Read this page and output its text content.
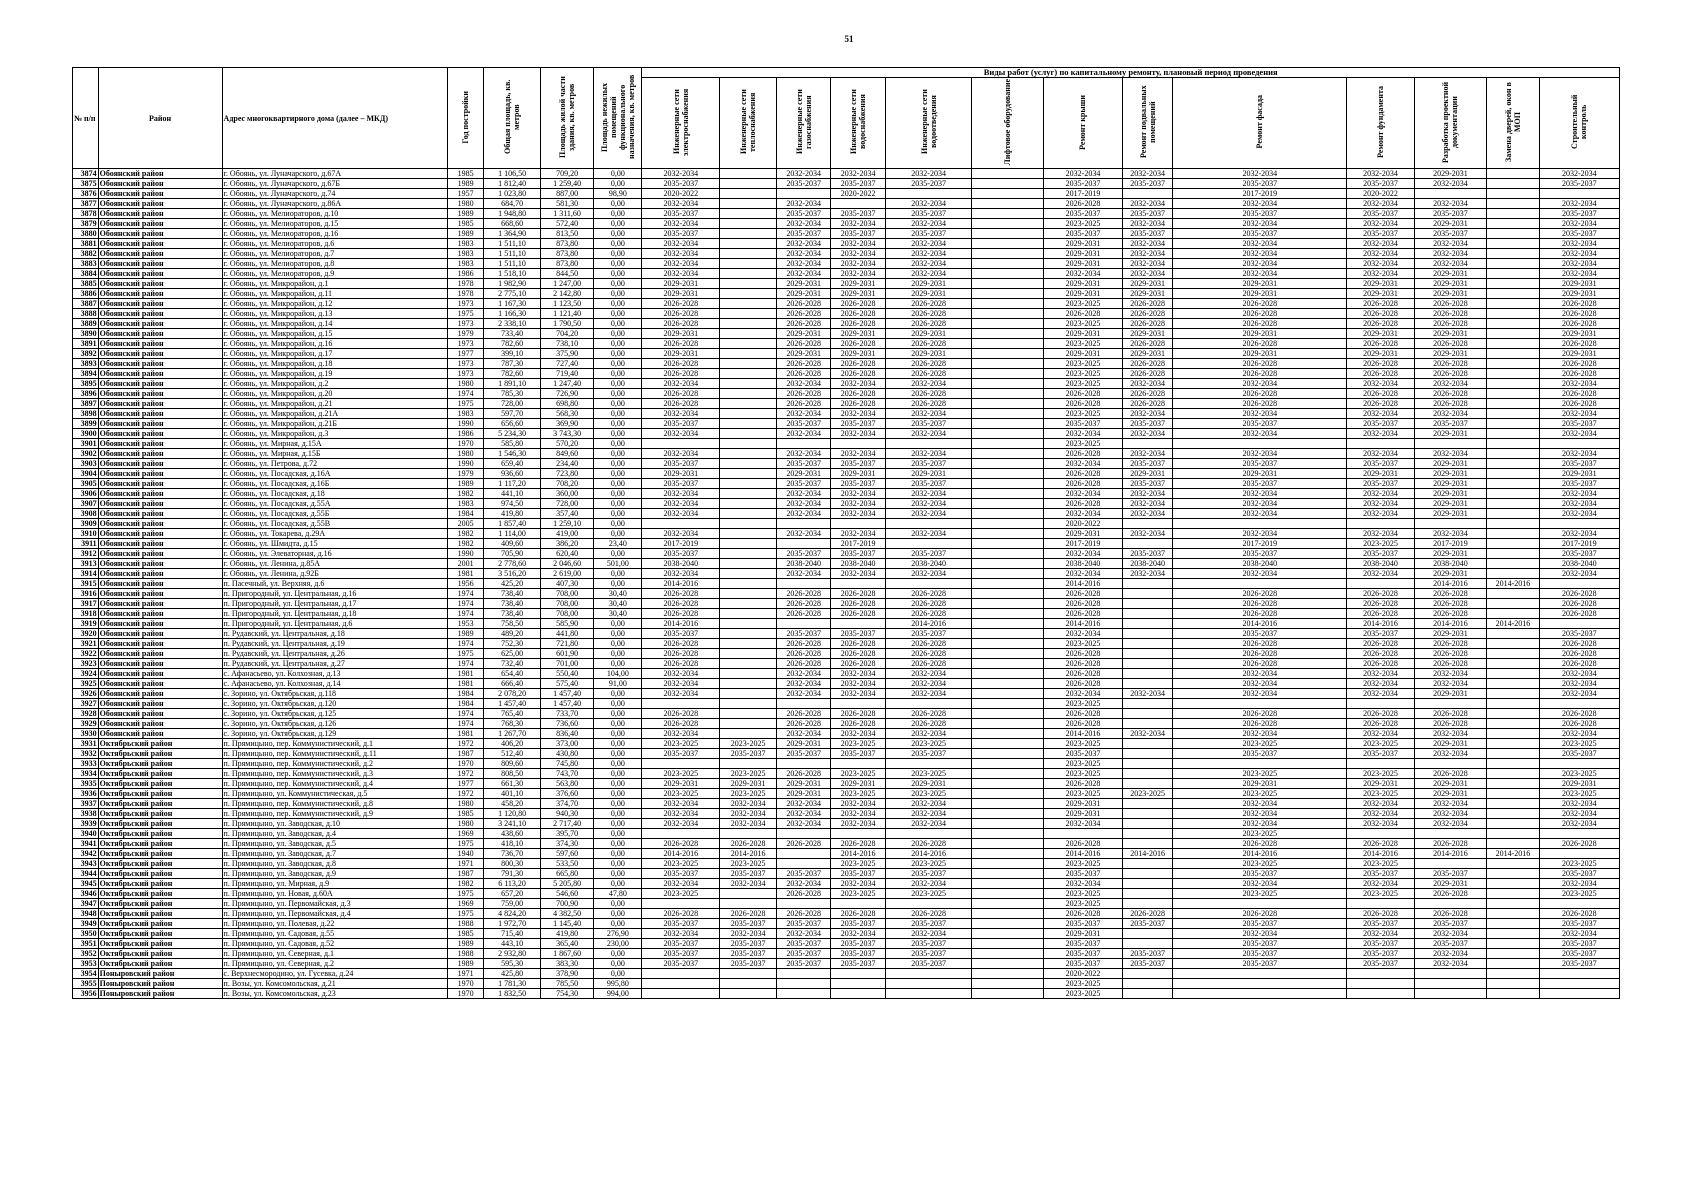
51
№ п/п	Район	Адрес многоквартирного дома (далее – МКД)	Год постройки	Общая площадь, кв. метров	Площадь жилой части здания, кв. метров	Площадь нежилых помещений функционального назначения, кв. метров	Виды работ (услуг) по капитальному ремонту, плановый период проведения												
							Инженерные сети электроснабжения	Инженерные сети теплоснабжения	Инженерные сети газоснабжения	Инженерные сети водоснабжения	Инженерные сети водоотведения	Лифтовое оборудование	Ремонт крыши	Ремонт подвальных помещений	Ремонт фасада	Ремонт фундамента	Разработка проектной документации	Замена дверей, окон в МОП	Строительный контроль
3874	Обоянский район	г. Обоянь, ул. Луначарского, д.67А	1985	1 106,50	709,20	0,00	2032-2034		2032-2034	2032-2034	2032-2034		2032-2034	2032-2034	2032-2034	2032-2034	2029-2031		2032-2034
3875	Обоянский район	г. Обоянь, ул. Луначарского, д.67Б	1989	1 812,40	1 259,40	0,00	2035-2037		2035-2037	2035-2037	2035-2037		2035-2037	2035-2037	2035-2037	2035-2037	2032-2034		2035-2037
3876	Обоянский район	г. Обоянь, ул. Луначарского, д.74	1957	1 023,80	887,00	98,90	2020-2022			2020-2022			2017-2019		2017-2019	2020-2022			
3877	Обоянский район	г. Обоянь, ул. Луначарского, д.86А	1980	684,70	581,30	0,00	2032-2034		2032-2034		2032-2034		2026-2028	2032-2034	2032-2034	2032-2034	2032-2034		2032-2034
3878	Обоянский район	г. Обоянь, ул. Мелиораторов, д.10	1989	1 948,80	1 311,60	0,00	2035-2037		2035-2037	2035-2037	2035-2037		2035-2037	2035-2037	2035-2037	2035-2037	2035-2037		2035-2037
3879	Обоянский район	г. Обоянь, ул. Мелиораторов, д.15	1985	668,60	572,40	0,00	2032-2034		2032-2034	2032-2034	2032-2034		2023-2025	2032-2034	2032-2034	2032-2034	2029-2031		2032-2034
3880	Обоянский район	г. Обоянь, ул. Мелиораторов, д.16	1989	1 364,90	813,50	0,00	2035-2037		2035-2037	2035-2037	2035-2037		2035-2037	2035-2037	2035-2037	2035-2037	2035-2037		2035-2037
3881	Обоянский район	г. Обоянь, ул. Мелиораторов, д.6	1983	1 511,10	873,80	0,00	2032-2034		2032-2034	2032-2034	2032-2034		2029-2031	2032-2034	2032-2034	2032-2034	2032-2034		2032-2034
3882	Обоянский район	г. Обоянь, ул. Мелиораторов, д.7	1983	1 511,10	873,80	0,00	2032-2034		2032-2034	2032-2034	2032-2034		2029-2031	2032-2034	2032-2034	2032-2034	2032-2034		2032-2034
3883	Обоянский район	г. Обоянь, ул. Мелиораторов, д.8	1983	1 511,10	873,80	0,00	2032-2034		2032-2034	2032-2034	2032-2034		2029-2031	2032-2034	2032-2034	2032-2034	2032-2034		2032-2034
3884	Обоянский район	г. Обоянь, ул. Мелиораторов, д.9	1986	1 518,10	844,50	0,00	2032-2034		2032-2034	2032-2034	2032-2034		2032-2034	2032-2034	2032-2034	2032-2034	2029-2031		2032-2034
3885	Обоянский район	г. Обоянь, ул. Микрорайон, д.1	1978	1 982,90	1 247,00	0,00	2029-2031		2029-2031	2029-2031	2029-2031		2029-2031	2029-2031	2029-2031	2029-2031	2029-2031		2029-2031
3886	Обоянский район	г. Обоянь, ул. Микрорайон, д.11	1978	2 775,10	2 142,80	0,00	2029-2031		2029-2031	2029-2031	2029-2031		2029-2031	2029-2031	2029-2031	2029-2031	2029-2031		2029-2031
3887	Обоянский район	г. Обоянь, ул. Микрорайон, д.12	1973	1 167,30	1 123,50	0,00	2026-2028		2026-2028	2026-2028	2026-2028		2023-2025	2026-2028	2026-2028	2026-2028	2026-2028		2026-2028
3888	Обоянский район	г. Обоянь, ул. Микрорайон, д.13	1975	1 166,30	1 121,40	0,00	2026-2028		2026-2028	2026-2028	2026-2028		2026-2028	2026-2028	2026-2028	2026-2028	2026-2028		2026-2028
3889	Обоянский район	г. Обоянь, ул. Микрорайон, д.14	1973	2 338,10	1 790,50	0,00	2026-2028		2026-2028	2026-2028	2026-2028		2023-2025	2026-2028	2026-2028	2026-2028	2026-2028		2026-2028
3890	Обоянский район	г. Обоянь, ул. Микрорайон, д.15	1979	733,40	704,20	0,00	2029-2031		2029-2031	2029-2031	2029-2031		2029-2031	2029-2031	2029-2031	2029-2031	2029-2031		2029-2031
3891	Обоянский район	г. Обоянь, ул. Микрорайон, д.16	1973	782,60	738,10	0,00	2026-2028		2026-2028	2026-2028	2026-2028		2023-2025	2026-2028	2026-2028	2026-2028	2026-2028		2026-2028
3892	Обоянский район	г. Обоянь, ул. Микрорайон, д.17	1977	399,10	375,90	0,00	2029-2031		2029-2031	2029-2031	2029-2031		2029-2031	2029-2031	2029-2031	2029-2031	2029-2031		2029-2031
3893	Обоянский район	г. Обоянь, ул. Микрорайон, д.18	1973	787,30	727,40	0,00	2026-2028		2026-2028	2026-2028	2026-2028		2023-2025	2026-2028	2026-2028	2026-2028	2026-2028		2026-2028
3894	Обоянский район	г. Обоянь, ул. Микрорайон, д.19	1973	782,60	719,40	0,00	2026-2028		2026-2028	2026-2028	2026-2028		2023-2025	2026-2028	2026-2028	2026-2028	2026-2028		2026-2028
3895	Обоянский район	г. Обоянь, ул. Микрорайон, д.2	1980	1 891,10	1 247,40	0,00	2032-2034		2032-2034	2032-2034	2032-2034		2023-2025	2032-2034	2032-2034	2032-2034	2032-2034		2032-2034
3896	Обоянский район	г. Обоянь, ул. Микрорайон, д.20	1974	785,30	726,90	0,00	2026-2028		2026-2028	2026-2028	2026-2028		2026-2028	2026-2028	2026-2028	2026-2028	2026-2028		2026-2028
3897	Обоянский район	г. Обоянь, ул. Микрорайон, д.21	1975	728,00	698,80	0,00	2026-2028		2026-2028	2026-2028	2026-2028		2026-2028	2026-2028	2026-2028	2026-2028	2026-2028		2026-2028
3898	Обоянский район	г. Обоянь, ул. Микрорайон, д.21А	1983	597,70	568,30	0,00	2032-2034		2032-2034	2032-2034	2032-2034		2023-2025	2032-2034	2032-2034	2032-2034	2032-2034		2032-2034
3899	Обоянский район	г. Обоянь, ул. Микрорайон, д.21Б	1990	656,60	369,90	0,00	2035-2037		2035-2037	2035-2037	2035-2037		2035-2037	2035-2037	2035-2037	2035-2037	2035-2037		2035-2037
3900	Обоянский район	г. Обоянь, ул. Микрорайон, д.3	1986	5 234,30	3 743,30	0,00	2032-2034		2032-2034	2032-2034	2032-2034		2032-2034	2032-2034	2032-2034	2032-2034	2029-2031		2032-2034
3901	Обоянский район	г. Обоянь, ул. Мирная, д.15А	1970	585,80	570,20	0,00							2023-2025						
3902	Обоянский район	г. Обоянь, ул. Мирная, д.15Б	1980	1 546,30	849,60	0,00	2032-2034		2032-2034	2032-2034	2032-2034		2026-2028	2032-2034	2032-2034	2032-2034	2032-2034		2032-2034
3903	Обоянский район	г. Обоянь, ул. Петрова, д.72	1990	659,40	234,40	0,00	2035-2037		2035-2037	2035-2037	2035-2037		2032-2034	2035-2037	2035-2037	2035-2037	2029-2031		2035-2037
3904	Обоянский район	г. Обоянь, ул. Посадская, д.16А	1979	936,60	723,80	0,00	2029-2031		2029-2031	2029-2031	2029-2031		2026-2028	2029-2031	2029-2031	2029-2031	2029-2031		2029-2031
3905	Обоянский район	г. Обоянь, ул. Посадская, д.16Б	1989	1 117,20	708,20	0,00	2035-2037		2035-2037	2035-2037	2035-2037		2026-2028	2035-2037	2035-2037	2035-2037	2029-2031		2035-2037
3906	Обоянский район	г. Обоянь, ул. Посадская, д.18	1982	441,10	360,00	0,00	2032-2034		2032-2034	2032-2034	2032-2034		2032-2034	2032-2034	2032-2034	2032-2034	2029-2031		2032-2034
3907	Обоянский район	г. Обоянь, ул. Посадская, д.55А	1983	974,50	728,00	0,00	2032-2034		2032-2034	2032-2034	2032-2034		2026-2028	2032-2034	2032-2034	2032-2034	2029-2031		2032-2034
3908	Обоянский район	г. Обоянь, ул. Посадская, д.55Б	1984	419,80	357,40	0,00	2032-2034		2032-2034	2032-2034	2032-2034		2032-2034	2032-2034	2032-2034	2032-2034	2029-2031		2032-2034
3909	Обоянский район	г. Обоянь, ул. Посадская, д.55В	2005	1 857,40	1 259,10	0,00							2020-2022						
3910	Обоянский район	г. Обоянь, ул. Токарева, д.29А	1982	1 114,00	419,00	0,00	2032-2034		2032-2034	2032-2034	2032-2034		2029-2031	2032-2034	2032-2034	2032-2034	2032-2034		2032-2034
3911	Обоянский район	г. Обоянь, ул. Шмидта, д.15	1982	409,60	386,20	23,40	2017-2019			2017-2019			2017-2019		2017-2019	2023-2025	2017-2019		2017-2019
3912	Обоянский район	г. Обоянь, ул. Элеваторная, д.16	1990	705,90	620,40	0,00	2035-2037		2035-2037	2035-2037	2035-2037		2032-2034	2035-2037	2035-2037	2035-2037	2029-2031		2035-2037
3913	Обоянский район	г. Обоянь, ул. Ленина, д.85А	2001	2 778,60	2 046,60	501,00	2038-2040		2038-2040	2038-2040	2038-2040		2038-2040	2038-2040	2038-2040	2038-2040	2038-2040		2038-2040
3914	Обоянский район	г. Обоянь, ул. Ленина, д.92Б	1981	3 516,20	2 619,00	0,00	2032-2034		2032-2034	2032-2034	2032-2034		2032-2034	2032-2034	2032-2034	2032-2034	2029-2031		2032-2034
3915	Обоянский район	п. Пасечный, ул. Верхняя, д.6	1956	425,20	407,30	0,00	2014-2016						2014-2016				2014-2016	2014-2016	
3916	Обоянский район	п. Пригородный, ул. Центральная, д.16	1974	738,40	708,00	30,40	2026-2028		2026-2028	2026-2028	2026-2028		2026-2028		2026-2028	2026-2028	2026-2028		2026-2028
3917	Обоянский район	п. Пригородный, ул. Центральная, д.17	1974	738,40	708,00	30,40	2026-2028		2026-2028	2026-2028	2026-2028		2026-2028		2026-2028	2026-2028	2026-2028		2026-2028
3918	Обоянский район	п. Пригородный, ул. Центральная, д.18	1974	738,40	708,00	30,40	2026-2028		2026-2028	2026-2028	2026-2028		2026-2028		2026-2028	2026-2028	2026-2028		2026-2028
3919	Обоянский район	п. Пригородный, ул. Центральная, д.6	1953	758,50	585,90	0,00	2014-2016				2014-2016		2014-2016		2014-2016	2014-2016	2014-2016	2014-2016	
3920	Обоянский район	п. Рудавский, ул. Центральная, д.18	1989	489,20	441,80	0,00	2035-2037		2035-2037	2035-2037	2035-2037		2032-2034		2035-2037	2035-2037	2029-2031		2035-2037
3921	Обоянский район	п. Рудавский, ул. Центральная, д.19	1974	752,30	721,80	0,00	2026-2028		2026-2028	2026-2028	2026-2028		2023-2025		2026-2028	2026-2028	2026-2028		2026-2028
3922	Обоянский район	п. Рудавский, ул. Центральная, д.26	1975	625,00	601,90	0,00	2026-2028		2026-2028	2026-2028	2026-2028		2026-2028		2026-2028	2026-2028	2026-2028		2026-2028
3923	Обоянский район	п. Рудавский, ул. Центральная, д.27	1974	732,40	701,00	0,00	2026-2028		2026-2028	2026-2028	2026-2028		2026-2028		2026-2028	2026-2028	2026-2028		2026-2028
3924	Обоянский район	с. Афанасьево, ул. Колхозная, д.13	1981	654,40	550,40	104,00	2032-2034		2032-2034	2032-2034	2032-2034		2026-2028		2032-2034	2032-2034	2032-2034		2032-2034
3925	Обоянский район	с. Афанасьево, ул. Колхозная, д.14	1981	666,40	575,40	91,00	2032-2034		2032-2034	2032-2034	2032-2034		2026-2028		2032-2034	2032-2034	2032-2034		2032-2034
3926	Обоянский район	с. Зорино, ул. Октябрьская, д.118	1984	2 078,20	1 457,40	0,00	2032-2034		2032-2034	2032-2034	2032-2034		2032-2034	2032-2034	2032-2034	2032-2034	2029-2031		2032-2034
3927	Обоянский район	с. Зорино, ул. Октябрьская, д.120	1984	1 457,40	1 457,40	0,00							2023-2025						
3928	Обоянский район	с. Зорино, ул. Октябрьская, д.125	1974	765,40	733,70	0,00	2026-2028		2026-2028	2026-2028	2026-2028		2026-2028		2026-2028	2026-2028	2026-2028		2026-2028
3929	Обоянский район	с. Зорино, ул. Октябрьская, д.126	1974	768,30	736,60	0,00	2026-2028		2026-2028	2026-2028	2026-2028		2026-2028		2026-2028	2026-2028	2026-2028		2026-2028
3930	Обоянский район	с. Зорино, ул. Октябрьская, д.129	1981	1 267,70	836,40	0,00	2032-2034		2032-2034	2032-2034	2032-2034		2014-2016	2032-2034	2032-2034	2032-2034	2032-2034		2032-2034
3931	Октябрьский район	п. Прямицыно, пер. Коммунистический, д.1	1972	406,20	373,00	0,00	2023-2025	2023-2025	2029-2031	2023-2025	2023-2025		2023-2025		2023-2025	2023-2025	2029-2031		2023-2025
3932	Октябрьский район	п. Прямицыно, пер. Коммунистический, д.11	1987	512,40	430,80	0,00	2035-2037	2035-2037	2035-2037	2035-2037	2035-2037		2035-2037		2035-2037	2035-2037	2032-2034		2035-2037
3933	Октябрьский район	п. Прямицыно, пер. Коммунистический, д.2	1970	809,60	745,80	0,00							2023-2025						
3934	Октябрьский район	п. Прямицыно, пер. Коммунистический, д.3	1972	808,50	743,70	0,00	2023-2025	2023-2025	2026-2028	2023-2025	2023-2025		2023-2025		2023-2025	2023-2025	2026-2028		2023-2025
3935	Октябрьский район	п. Прямицыно, пер. Коммунистический, д.4	1977	661,30	563,80	0,00	2029-2031	2029-2031	2029-2031	2029-2031	2029-2031		2026-2028		2029-2031	2029-2031	2029-2031		2029-2031
3936	Октябрьский район	п. Прямицыно, ул. Коммунистическая, д.5	1972	401,10	376,60	0,00	2023-2025	2023-2025	2029-2031	2023-2025	2023-2025		2023-2025	2023-2025	2023-2025	2023-2025	2029-2031		2023-2025
3937	Октябрьский район	п. Прямицыно, пер. Коммунистический, д.8	1980	458,20	374,70	0,00	2032-2034	2032-2034	2032-2034	2032-2034	2032-2034		2029-2031		2032-2034	2032-2034	2032-2034		2032-2034
3938	Октябрьский район	п. Прямицыно, пер. Коммунистический, д.9	1985	1 120,80	940,30	0,00	2032-2034	2032-2034	2032-2034	2032-2034	2032-2034		2029-2031		2032-2034	2032-2034	2032-2034		2032-2034
3939	Октябрьский район	п. Прямицыно, ул. Заводская, д.10	1980	3 241,10	2 717,40	0,00	2032-2034	2032-2034	2032-2034	2032-2034	2032-2034		2032-2034		2032-2034	2032-2034	2032-2034		2032-2034
3940	Октябрьский район	п. Прямицыно, ул. Заводская, д.4	1969	438,60	395,70	0,00									2023-2025				
3941	Октябрьский район	п. Прямицыно, ул. Заводская, д.5	1975	418,10	374,30	0,00	2026-2028	2026-2028	2026-2028	2026-2028	2026-2028		2026-2028		2026-2028	2026-2028	2026-2028		2026-2028
3942	Октябрьский район	п. Прямицыно, ул. Заводская, д.7	1940	736,70	597,60	0,00	2014-2016	2014-2016		2014-2016	2014-2016		2014-2016	2014-2016	2014-2016	2014-2016	2014-2016	2014-2016	
3943	Октябрьский район	п. Прямицыно, ул. Заводская, д.8	1971	800,30	533,50	0,00	2023-2025	2023-2025		2023-2025	2023-2025		2023-2025		2023-2025	2023-2025			2023-2025
3944	Октябрьский район	п. Прямицыно, ул. Заводская, д.9	1987	791,30	665,80	0,00	2035-2037	2035-2037	2035-2037	2035-2037	2035-2037		2035-2037		2035-2037	2035-2037	2035-2037		2035-2037
3945	Октябрьский район	п. Прямицыно, ул. Мирная, д.9	1982	6 113,20	5 205,80	0,00	2032-2034	2032-2034	2032-2034	2032-2034	2032-2034		2032-2034		2032-2034	2032-2034	2029-2031		2032-2034
3946	Октябрьский район	п. Прямицыно, ул. Новая, д.60А	1975	657,20	546,60	47,80	2023-2025		2026-2028	2023-2025	2023-2025		2023-2025		2023-2025	2023-2025	2026-2028		2023-2025
3947	Октябрьский район	п. Прямицыно, ул. Первомайская, д.3	1969	759,00	700,90	0,00							2023-2025						
3948	Октябрьский район	п. Прямицыно, ул. Первомайская, д.4	1975	4 824,20	4 382,50	0,00	2026-2028	2026-2028	2026-2028	2026-2028	2026-2028		2026-2028	2026-2028	2026-2028	2026-2028	2026-2028		2026-2028
3949	Октябрьский район	п. Прямицыно, ул. Полевая, д.22	1988	1 972,70	1 145,40	0,00	2035-2037	2035-2037	2035-2037	2035-2037	2035-2037		2035-2037	2035-2037	2035-2037	2035-2037	2035-2037		2035-2037
3950	Октябрьский район	п. Прямицыно, ул. Садовая, д.55	1985	715,40	419,80	276,90	2032-2034	2032-2034	2032-2034	2032-2034	2032-2034		2029-2031		2032-2034	2032-2034	2032-2034		2032-2034
3951	Октябрьский район	п. Прямицыно, ул. Садовая, д.52	1989	443,10	365,40	230,00	2035-2037	2035-2037	2035-2037	2035-2037	2035-2037		2035-2037		2035-2037	2035-2037	2035-2037		2035-2037
3952	Октябрьский район	п. Прямицыно, ул. Северная, д.1	1988	2 932,80	1 867,60	0,00	2035-2037	2035-2037	2035-2037	2035-2037	2035-2037		2035-2037	2035-2037	2035-2037	2035-2037	2032-2034		2035-2037
3953	Октябрьский район	п. Прямицыно, ул. Северная, д.2	1989	595,30	383,30	0,00	2035-2037	2035-2037	2035-2037	2035-2037	2035-2037		2035-2037	2035-2037	2035-2037	2035-2037	2032-2034		2035-2037
3954	Поныровский район	с. Верхнесмородино, ул. Гусевка, д.24	1971	425,80	378,90	0,00							2020-2022						
3955	Поныровский район	п. Возы, ул. Комсомольская, д.21	1970	1 781,30	785,50	995,80							2023-2025						
3956	Поныровский район	п. Возы, ул. Комсомольская, д.23	1970	1 832,50	754,30	994,00							2023-2025						
